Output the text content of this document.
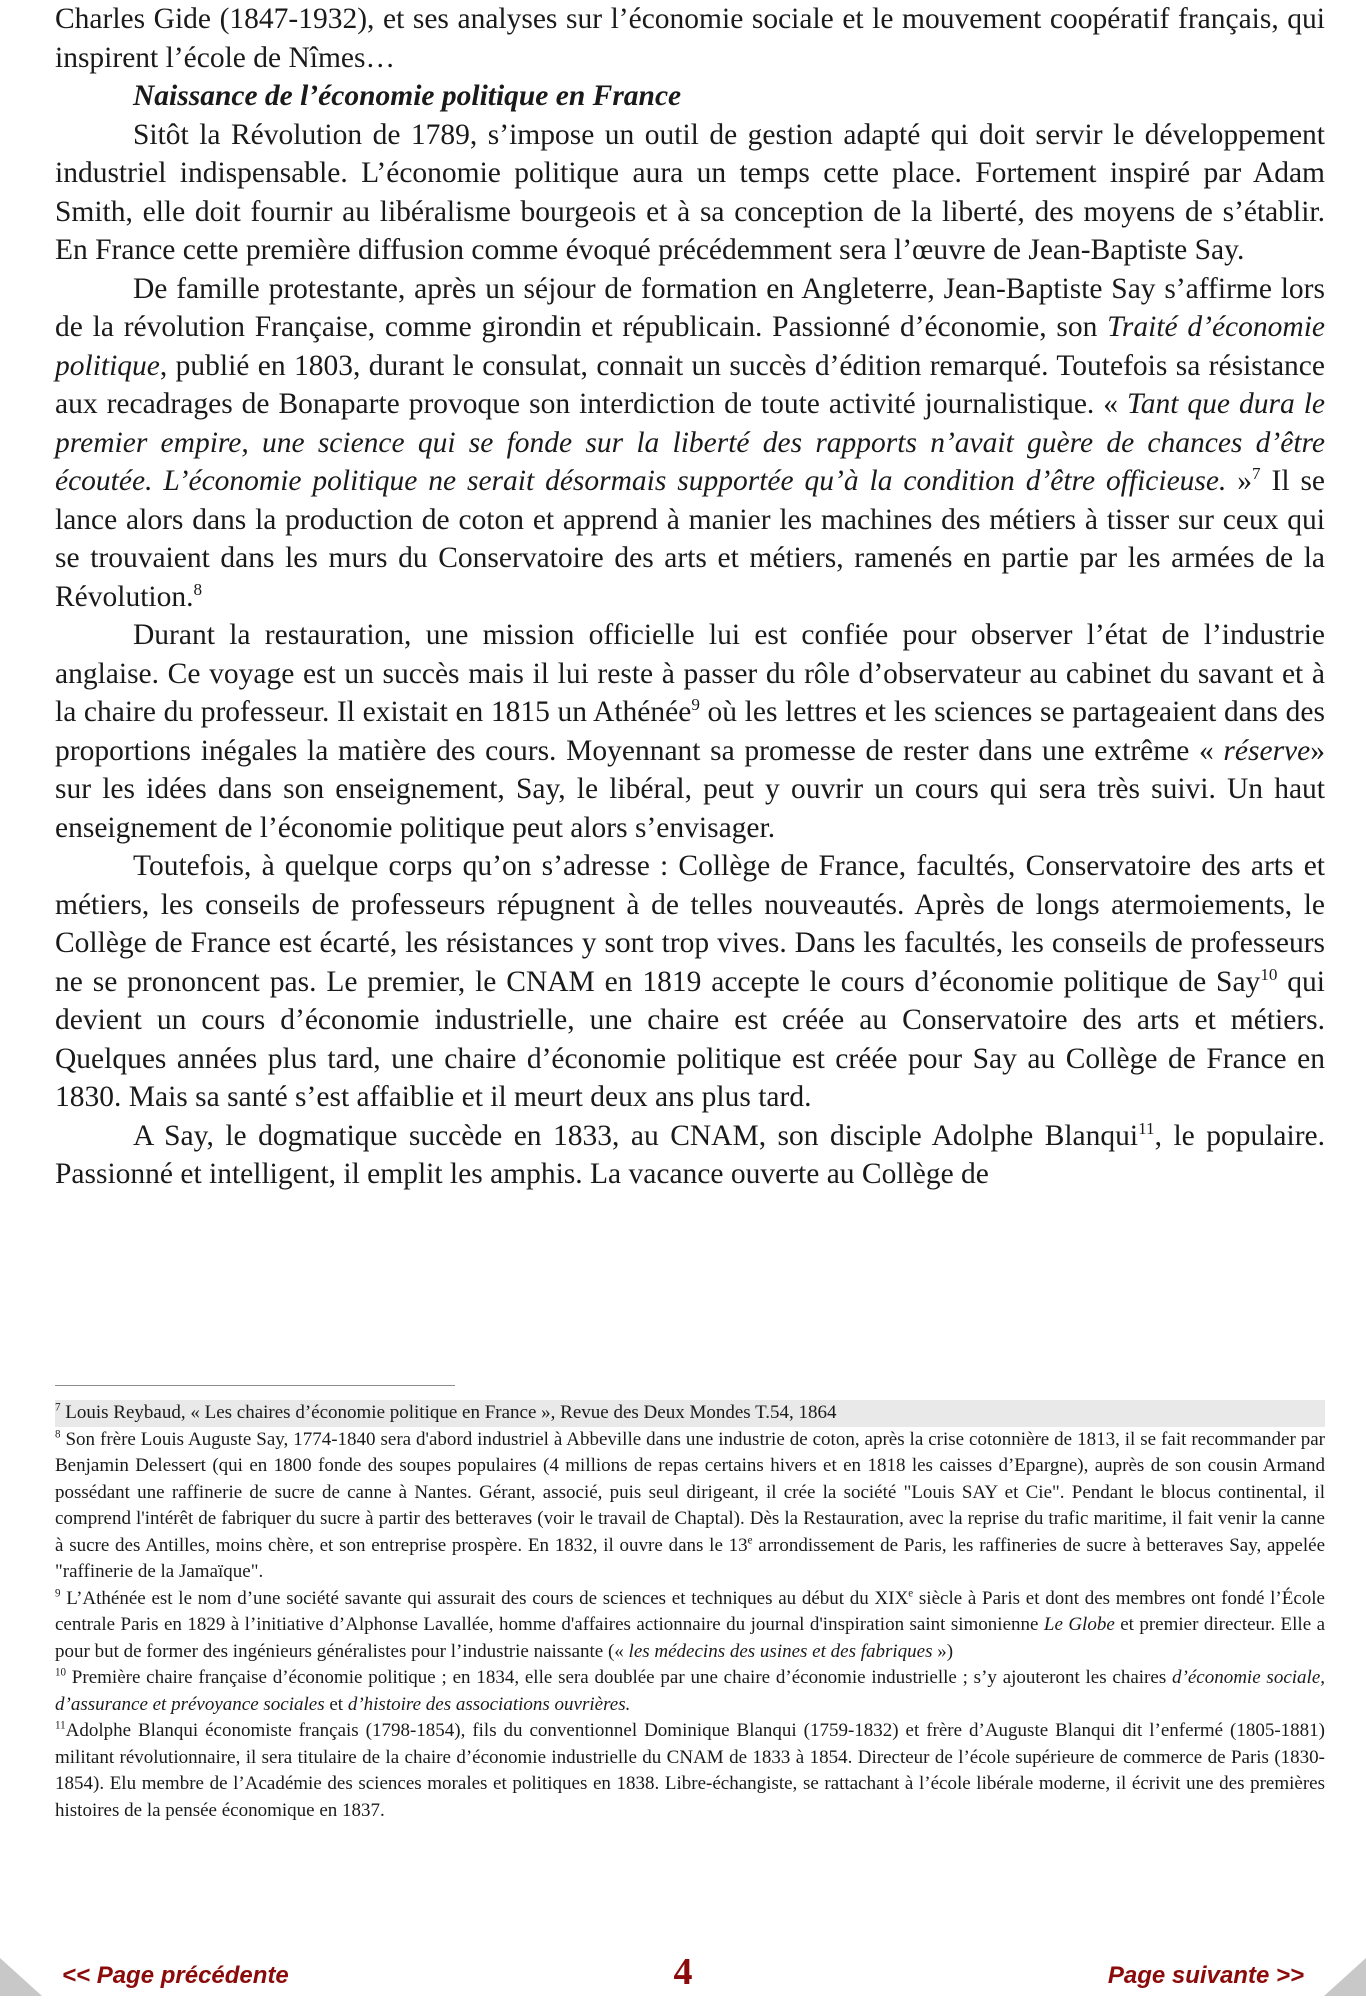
Charles Gide (1847-1932), et ses analyses sur l’économie sociale et le mouvement coopératif français, qui inspirent l’école de Nîmes…

Naissance de l’économie politique en France

Sitôt la Révolution de 1789, s’impose un outil de gestion adapté qui doit servir le développement industriel indispensable. L’économie politique aura un temps cette place. Fortement inspiré par Adam Smith, elle doit fournir au libéralisme bourgeois et à sa conception de la liberté, des moyens de s’établir. En France cette première diffusion comme évoqué précédemment sera l’œuvre de Jean-Baptiste Say.

De famille protestante, après un séjour de formation en Angleterre, Jean-Baptiste Say s’affirme lors de la révolution Française, comme girondin et républicain. Passionné d’économie, son Traité d’économie politique, publié en 1803, durant le consulat, connait un succès d’édition remarqué. Toutefois sa résistance aux recadrages de Bonaparte provoque son interdiction de toute activité journalistique. « Tant que dura le premier empire, une science qui se fonde sur la liberté des rapports n’avait guère de chances d’être écoutée. L’économie politique ne serait désormais supportée qu’à la condition d’être officieuse. »$^7$ Il se lance alors dans la production de coton et apprend à manier les machines des métiers à tisser sur ceux qui se trouvaient dans les murs du Conservatoire des arts et métiers, ramenés en partie par les armées de la Révolution.$^8$

Durant la restauration, une mission officielle lui est confiée pour observer l’état de l’industrie anglaise. Ce voyage est un succès mais il lui reste à passer du rôle d’observateur au cabinet du savant et à la chaire du professeur. Il existait en 1815 un Athénée$^9$ où les lettres et les sciences se partageaient dans des proportions inégales la matière des cours. Moyennant sa promesse de rester dans une extrême « réserve» sur les idées dans son enseignement, Say, le libéral, peut y ouvrir un cours qui sera très suivi. Un haut enseignement de l’économie politique peut alors s’envisager.

Toutefois, à quelque corps qu’on s’adresse : Collège de France, facultés, Conservatoire des arts et métiers, les conseils de professeurs répugnent à de telles nouveautés. Après de longs atermoiements, le Collège de France est écarté, les résistances y sont trop vives. Dans les facultés, les conseils de professeurs ne se prononcent pas. Le premier, le CNAM en 1819 accepte le cours d’économie politique de Say$^{10}$ qui devient un cours d’économie industrielle, une chaire est créée au Conservatoire des arts et métiers. Quelques années plus tard, une chaire d’économie politique est créée pour Say au Collège de France en 1830. Mais sa santé s’est affaiblie et il meurt deux ans plus tard.

A Say, le dogmatique succède en 1833, au CNAM, son disciple Adolphe Blanqui$^{11}$, le populaire. Passionné et intelligent, il emplit les amphis. La vacance ouverte au Collège de

$^7$ Louis Reybaud, « Les chaires d’économie politique en France », Revue des Deux Mondes T.54, 1864

$^8$ Son frère Louis Auguste Say, 1774-1840 sera d'abord industriel à Abbeville dans une industrie de coton, après la crise cotonnière de 1813, il se fait recommander par Benjamin Delessert (qui en 1800 fonde des soupes populaires (4 millions de repas certains hivers et en 1818 les caisses d’Epargne), auprès de son cousin Armand possédant une raffinerie de sucre de canne à Nantes. Gérant, associé, puis seul dirigeant, il crée la société "Louis SAY et Cie". Pendant le blocus continental, il comprend l'intérêt de fabriquer du sucre à partir des betteraves (voir le travail de Chaptal). Dès la Restauration, avec la reprise du trafic maritime, il fait venir la canne à sucre des Antilles, moins chère, et son entreprise prospère. En 1832, il ouvre dans le 13e arrondissement de Paris, les raffineries de sucre à betteraves Say, appelée "raffinerie de la Jamaïque".

$^9$ L’Athénée est le nom d’une société savante qui assurait des cours de sciences et techniques au début du XIXe siècle à Paris et dont des membres ont fondé l’École centrale Paris en 1829 à l’initiative d’Alphonse Lavallée, homme d'affaires actionnaire du journal d'inspiration saint simonienne Le Globe et premier directeur. Elle a pour but de former des ingénieurs généralistes pour l’industrie naissante (« les médecins des usines et des fabriques »)

$^{10}$ Première chaire française d’économie politique ; en 1834, elle sera doublée par une chaire d’économie industrielle ; s’y ajouteront les chaires d’économie sociale, d’assurance et prévoyance sociales et d’histoire des associations ouvrières.

$^{11}$Adolphe Blanqui économiste français (1798-1854), fils du conventionnel Dominique Blanqui (1759-1832) et frère d’Auguste Blanqui dit l’enfermé (1805-1881) militant révolutionnaire, il sera titulaire de la chaire d’économie industrielle du CNAM de 1833 à 1854. Directeur de l’école supérieure de commerce de Paris (1830-1854). Elu membre de l’Académie des sciences morales et politiques en 1838. Libre-échangiste, se rattachant à l’école libérale moderne, il écrivit une des premières histoires de la pensée économique en 1837.

<< Page précédente	4	Page suivante >>
